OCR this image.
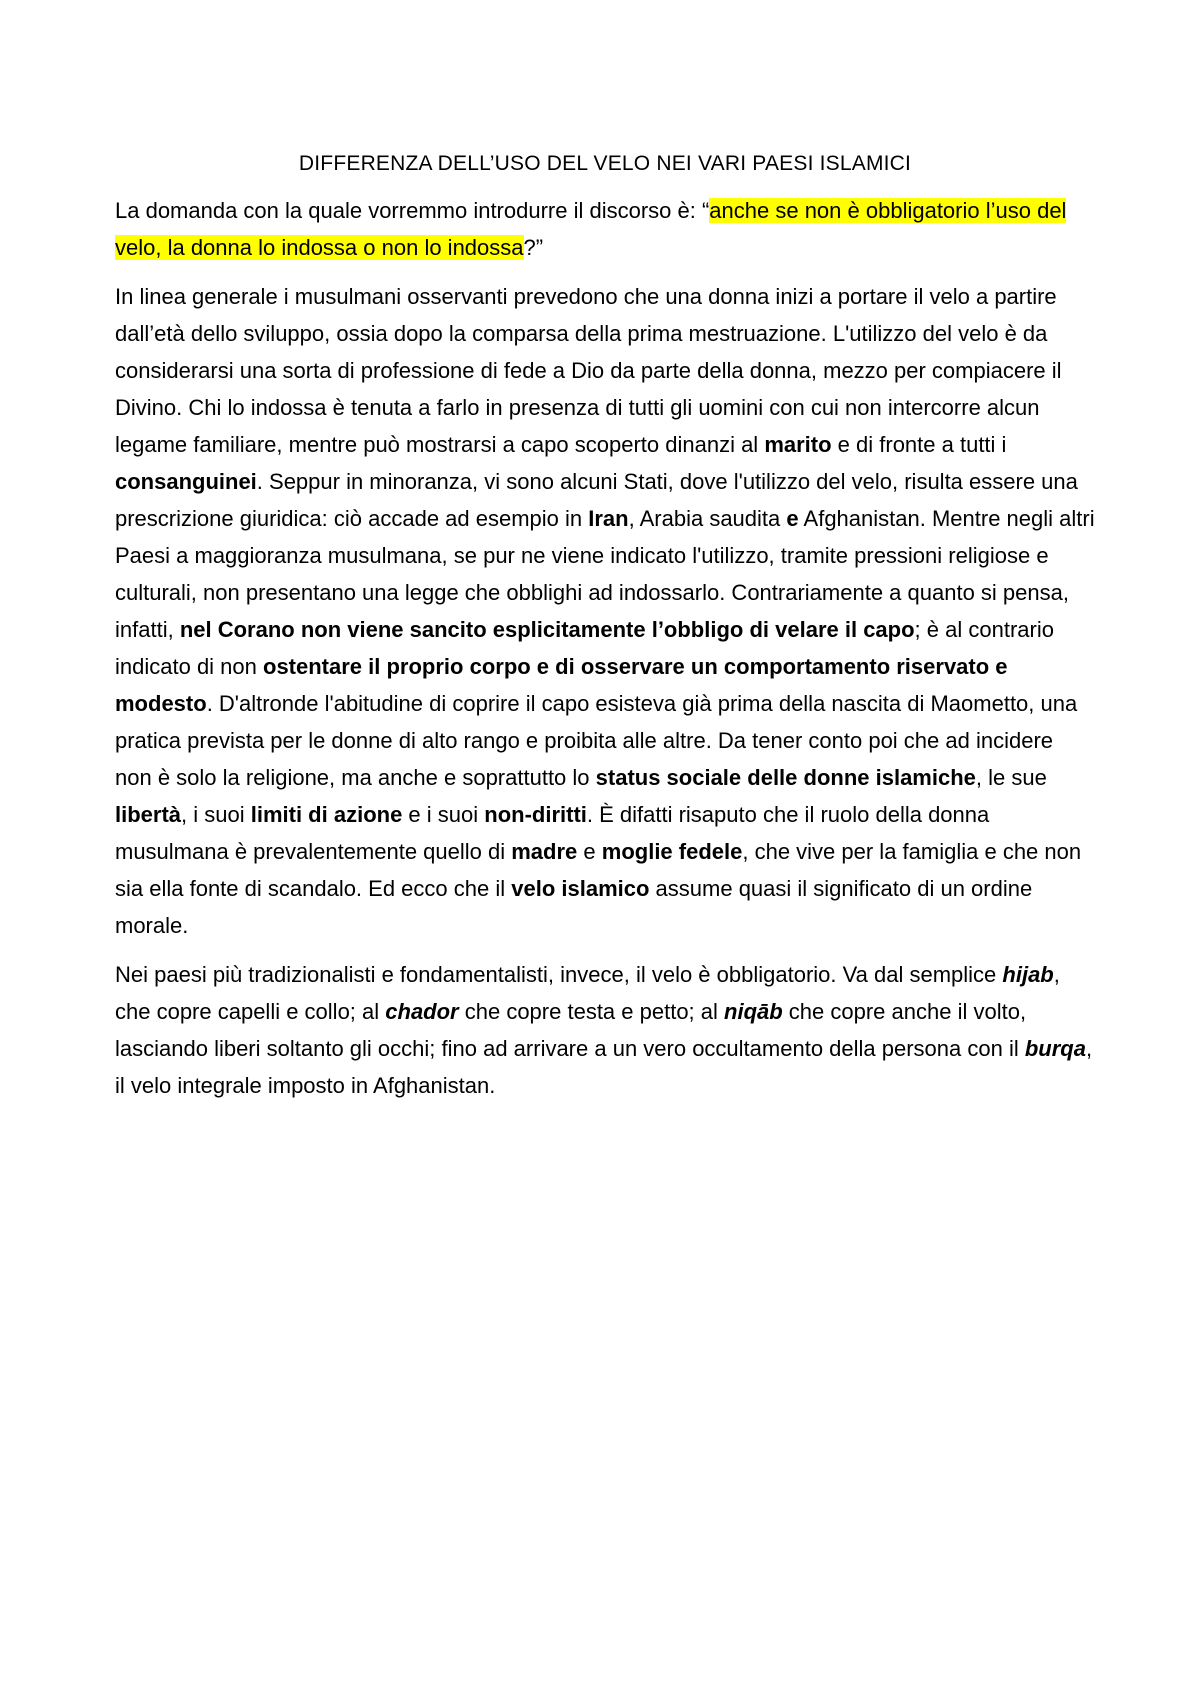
DIFFERENZA DELL’USO DEL VELO NEI VARI PAESI ISLAMICI

La domanda con la quale vorremmo introdurre il discorso è: “anche se non è obbligatorio l’uso del velo, la donna lo indossa o non lo indossa?”

In linea generale i musulmani osservanti prevedono che una donna inizi a portare il velo a partire dall’età dello sviluppo, ossia dopo la comparsa della prima mestruazione. L'utilizzo del velo è da considerarsi una sorta di professione di fede a Dio da parte della donna, mezzo per compiacere il Divino. Chi lo indossa è tenuta a farlo in presenza di tutti gli uomini con cui non intercorre alcun legame familiare, mentre può mostrarsi a capo scoperto dinanzi al marito e di fronte a tutti i consanguinei. Seppur in minoranza, vi sono alcuni Stati, dove l'utilizzo del velo, risulta essere una prescrizione giuridica: ciò accade ad esempio in Iran, Arabia saudita e Afghanistan. Mentre negli altri Paesi a maggioranza musulmana, se pur ne viene indicato l'utilizzo, tramite pressioni religiose e culturali, non presentano una legge che obblighi ad indossarlo. Contrariamente a quanto si pensa, infatti, nel Corano non viene sancito esplicitamente l’obbligo di velare il capo; è al contrario indicato di non ostentare il proprio corpo e di osservare un comportamento riservato e modesto. D'altronde l'abitudine di coprire il capo esisteva già prima della nascita di Maometto, una pratica prevista per le donne di alto rango e proibita alle altre. Da tener conto poi che ad incidere non è solo la religione, ma anche e soprattutto lo status sociale delle donne islamiche, le sue libertà, i suoi limiti di azione e i suoi non-diritti. È difatti risaputo che il ruolo della donna musulmana è prevalentemente quello di madre e moglie fedele, che vive per la famiglia e che non sia ella fonte di scandalo. Ed ecco che il velo islamico assume quasi il significato di un ordine morale.

Nei paesi più tradizionalisti e fondamentalisti, invece, il velo è obbligatorio. Va dal semplice hijab, che copre capelli e collo; al chador che copre testa e petto; al niqāb che copre anche il volto, lasciando liberi soltanto gli occhi; fino ad arrivare a un vero occultamento della persona con il burqa, il velo integrale imposto in Afghanistan.
